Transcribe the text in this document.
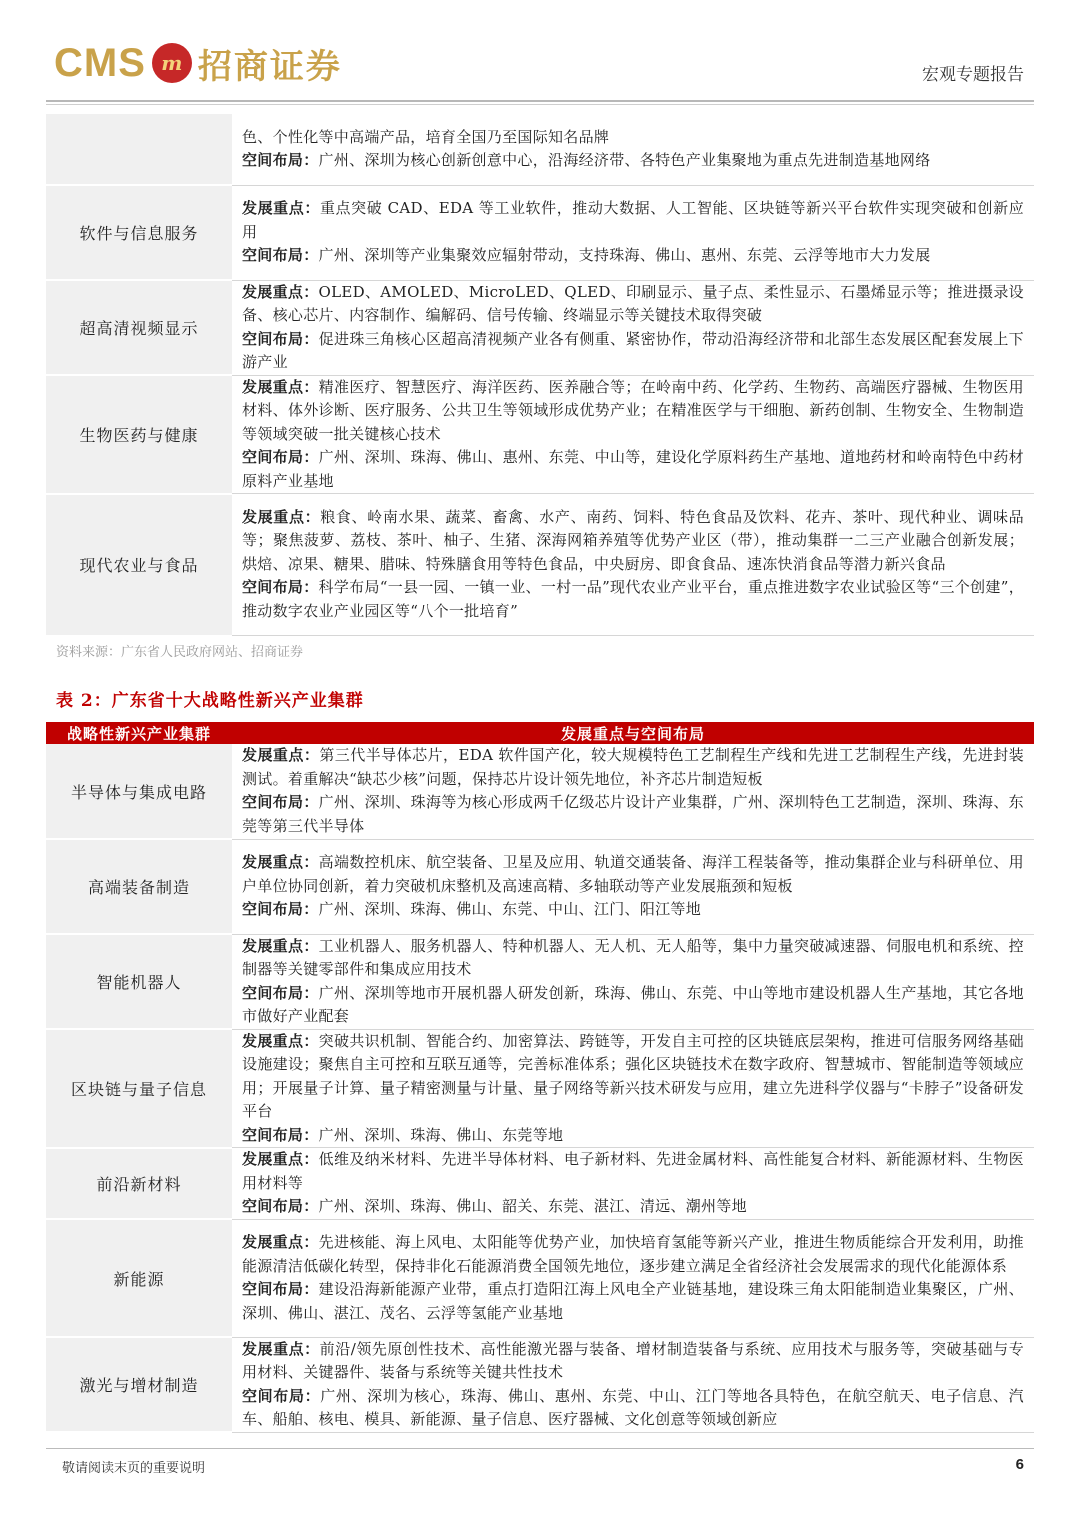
CMS m 招商证券	宏观专题报告

	色、个性化等中高端产品，培育全国乃至国际知名品牌
空间布局：广州、深圳为核心创新创意中心，沿海经济带、各特色产业集聚地为重点先进制造基地网络

软件与信息服务	发展重点：重点突破 CAD、EDA 等工业软件，推动大数据、人工智能、区块链等新兴平台软件实现突破和创新应用
空间布局：广州、深圳等产业集聚效应辐射带动，支持珠海、佛山、惠州、东莞、云浮等地市大力发展

超高清视频显示	发展重点：OLED、AMOLED、MicroLED、QLED、印刷显示、量子点、柔性显示、石墨烯显示等；推进摄录设备、核心芯片、内容制作、编解码、信号传输、终端显示等关键技术取得突破
空间布局：促进珠三角核心区超高清视频产业各有侧重、紧密协作，带动沿海经济带和北部生态发展区配套发展上下游产业

生物医药与健康	发展重点：精准医疗、智慧医疗、海洋医药、医养融合等；在岭南中药、化学药、生物药、高端医疗器械、生物医用材料、体外诊断、医疗服务、公共卫生等领域形成优势产业；在精准医学与干细胞、新药创制、生物安全、生物制造等领域突破一批关键核心技术
空间布局：广州、深圳、珠海、佛山、惠州、东莞、中山等，建设化学原料药生产基地、道地药材和岭南特色中药材原料产业基地

现代农业与食品	发展重点：粮食、岭南水果、蔬菜、畜禽、水产、南药、饲料、特色食品及饮料、花卉、茶叶、现代种业、调味品等；聚焦菠萝、荔枝、茶叶、柚子、生猪、深海网箱养殖等优势产业区（带），推动集群一二三产业融合创新发展；烘焙、凉果、糖果、腊味、特殊膳食用等特色食品，中央厨房、即食食品、速冻快消食品等潜力新兴食品
空间布局：科学布局“一县一园、一镇一业、一村一品”现代农业产业平台，重点推进数字农业试验区等“三个创建”，推动数字农业产业园区等“八个一批培育”
资料来源：广东省人民政府网站、招商证券
表 2：广东省十大战略性新兴产业集群
战略性新兴产业集群	发展重点与空间布局
半导体与集成电路	发展重点：第三代半导体芯片，EDA 软件国产化，较大规模特色工艺制程生产线和先进工艺制程生产线，先进封装测试。着重解决“缺芯少核”问题，保持芯片设计领先地位，补齐芯片制造短板
空间布局：广州、深圳、珠海等为核心形成两千亿级芯片设计产业集群，广州、深圳特色工艺制造，深圳、珠海、东莞等第三代半导体

高端装备制造	发展重点：高端数控机床、航空装备、卫星及应用、轨道交通装备、海洋工程装备等，推动集群企业与科研单位、用户单位协同创新，着力突破机床整机及高速高精、多轴联动等产业发展瓶颈和短板
空间布局：广州、深圳、珠海、佛山、东莞、中山、江门、阳江等地

智能机器人	发展重点：工业机器人、服务机器人、特种机器人、无人机、无人船等，集中力量突破减速器、伺服电机和系统、控制器等关键零部件和集成应用技术
空间布局：广州、深圳等地市开展机器人研发创新，珠海、佛山、东莞、中山等地市建设机器人生产基地，其它各地市做好产业配套

区块链与量子信息	发展重点：突破共识机制、智能合约、加密算法、跨链等，开发自主可控的区块链底层架构，推进可信服务网络基础设施建设；聚焦自主可控和互联互通等，完善标准体系；强化区块链技术在数字政府、智慧城市、智能制造等领域应用；开展量子计算、量子精密测量与计量、量子网络等新兴技术研发与应用，建立先进科学仪器与“卡脖子”设备研发平台
空间布局：广州、深圳、珠海、佛山、东莞等地

前沿新材料	发展重点：低维及纳米材料、先进半导体材料、电子新材料、先进金属材料、高性能复合材料、新能源材料、生物医用材料等
空间布局：广州、深圳、珠海、佛山、韶关、东莞、湛江、清远、潮州等地

新能源	发展重点：先进核能、海上风电、太阳能等优势产业，加快培育氢能等新兴产业，推进生物质能综合开发利用，助推能源清洁低碳化转型，保持非化石能源消费全国领先地位，逐步建立满足全省经济社会发展需求的现代化能源体系
空间布局：建设沿海新能源产业带，重点打造阳江海上风电全产业链基地，建设珠三角太阳能制造业集聚区，广州、深圳、佛山、湛江、茂名、云浮等氢能产业基地

激光与增材制造	发展重点：前沿/领先原创性技术、高性能激光器与装备、增材制造装备与系统、应用技术与服务等，突破基础与专用材料、关键器件、装备与系统等关键共性技术
空间布局：广州、深圳为核心，珠海、佛山、惠州、东莞、中山、江门等地各具特色，在航空航天、电子信息、汽车、船舶、核电、模具、新能源、量子信息、医疗器械、文化创意等领域创新应
敬请阅读末页的重要说明	6
